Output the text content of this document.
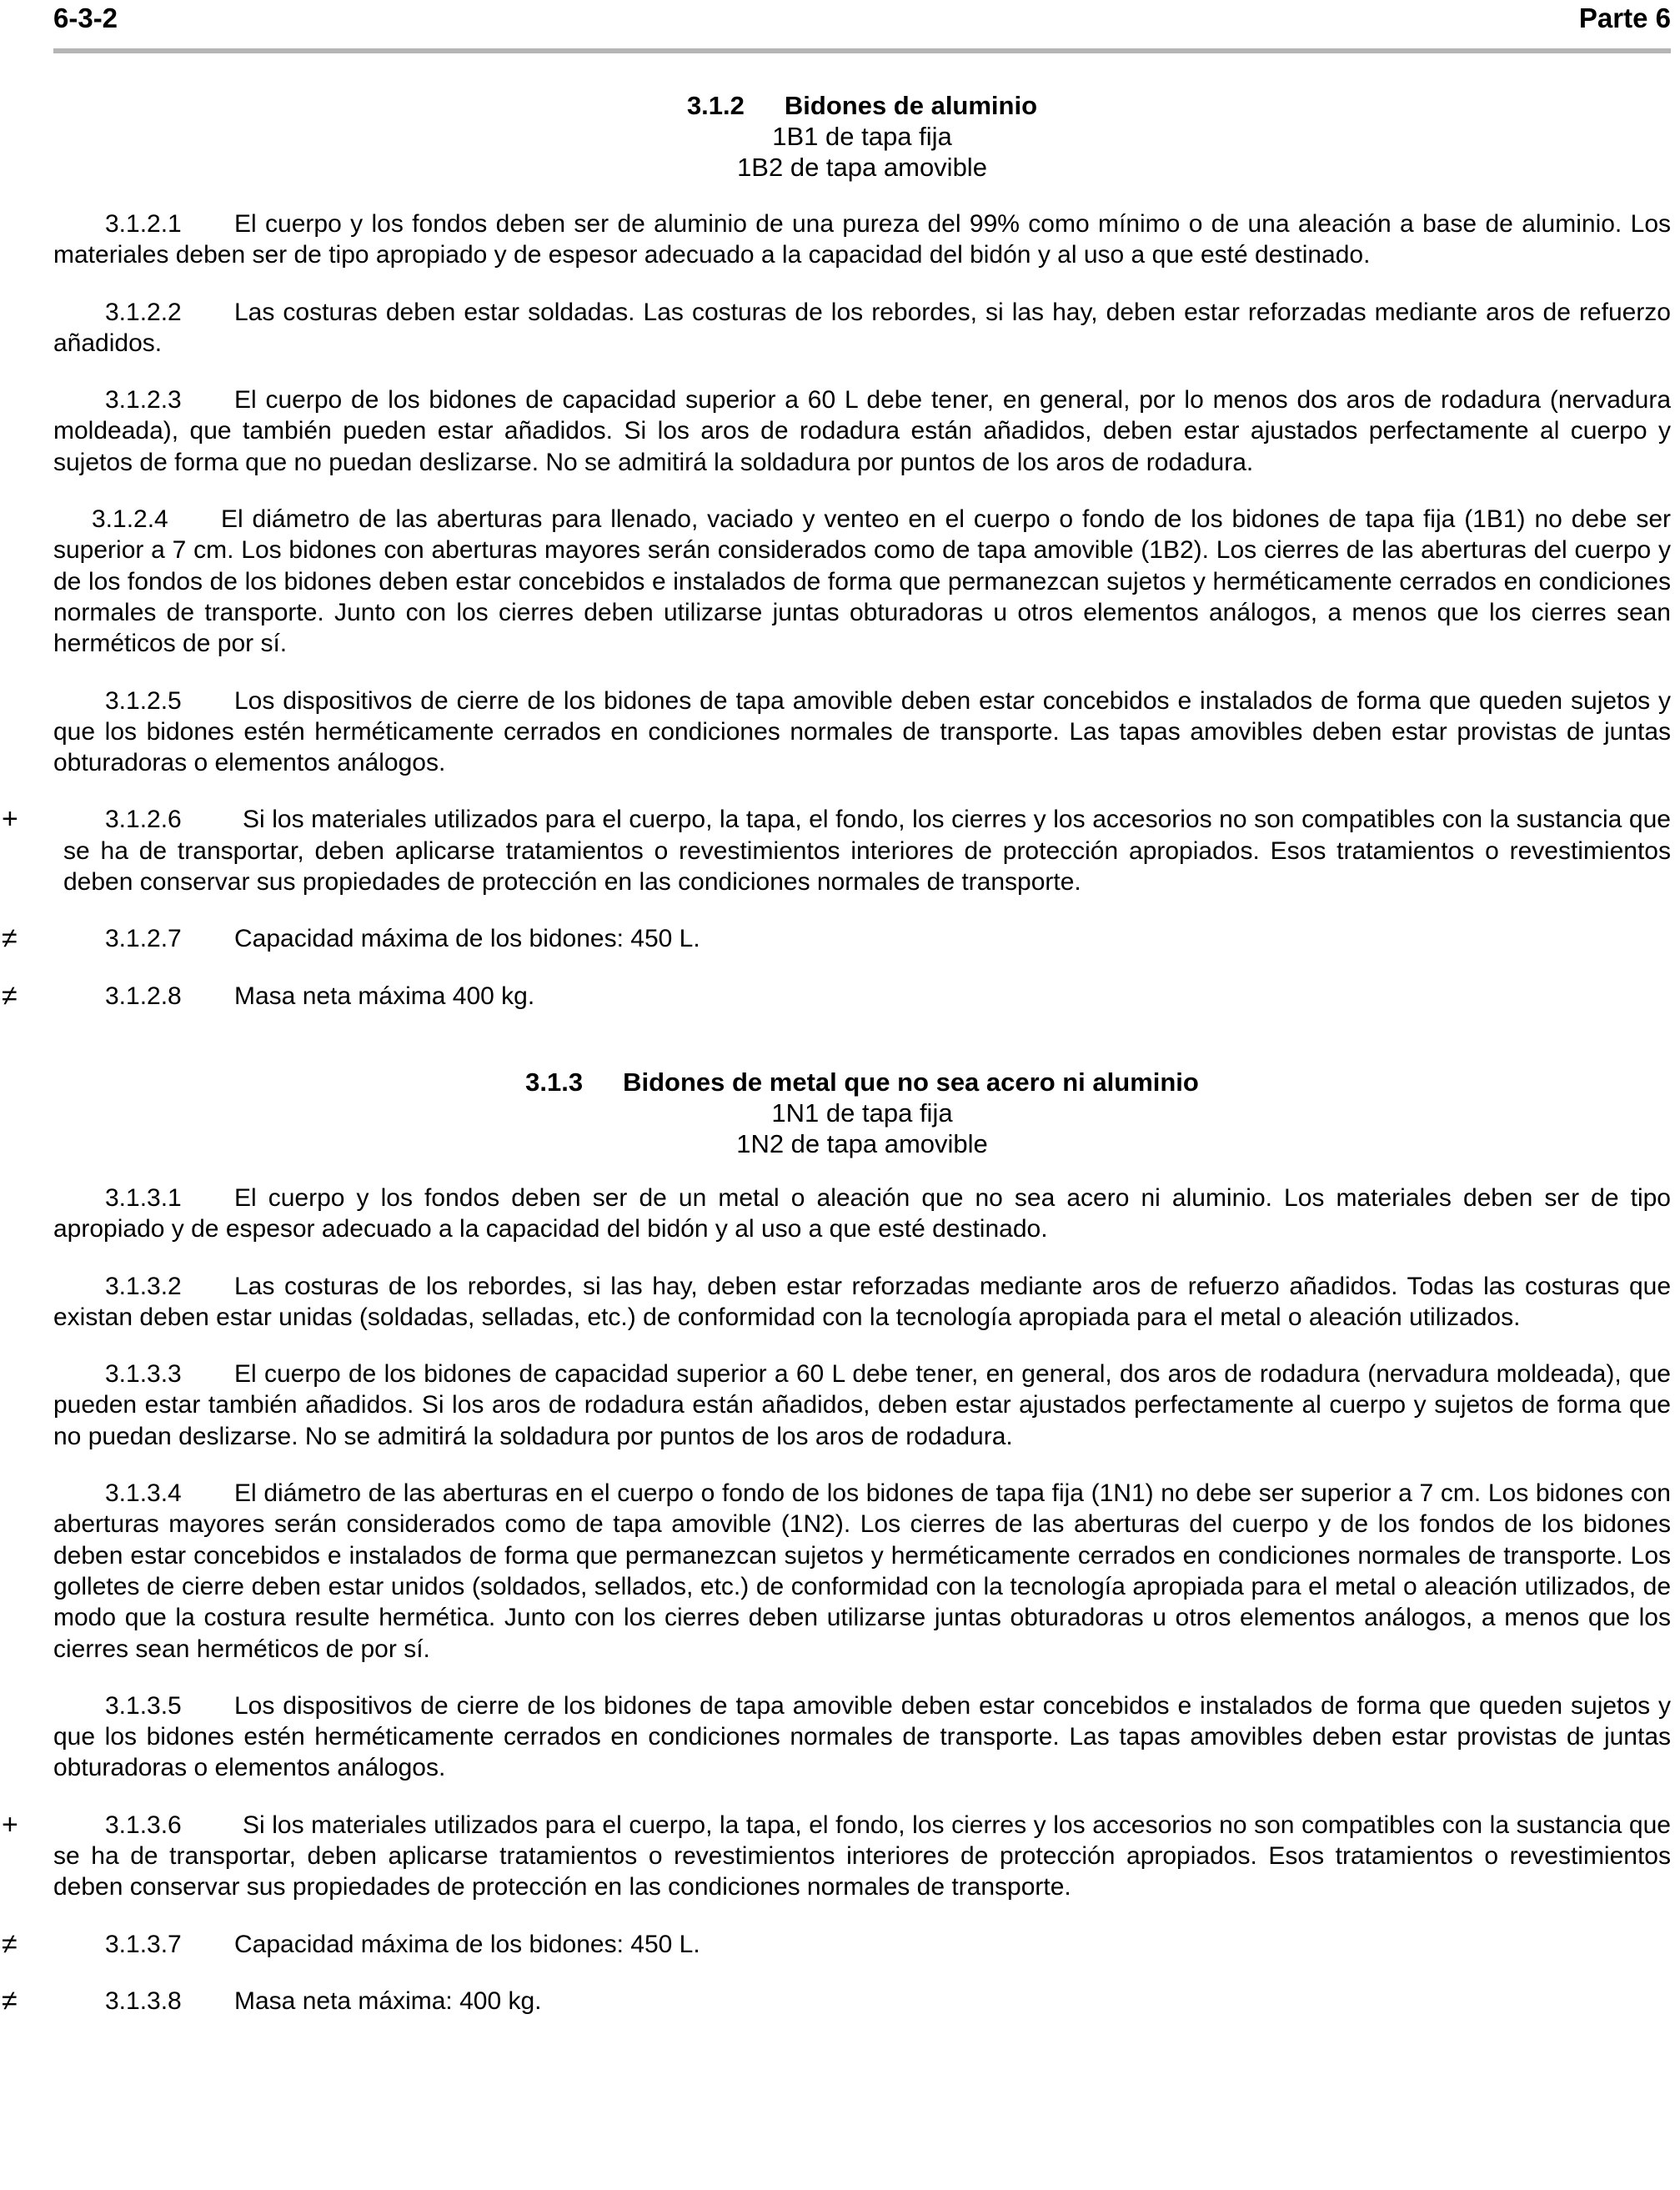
6-3-2	Parte 6
3.1.2 Bidones de aluminio
1B1 de tapa fija
1B2 de tapa amovible

3.1.2.1 El cuerpo y los fondos deben ser de aluminio de una pureza del 99% como mínimo o de una aleación a base de aluminio. Los materiales deben ser de tipo apropiado y de espesor adecuado a la capacidad del bidón y al uso a que esté destinado.

3.1.2.2 Las costuras deben estar soldadas. Las costuras de los rebordes, si las hay, deben estar reforzadas mediante aros de refuerzo añadidos.

3.1.2.3 El cuerpo de los bidones de capacidad superior a 60 L debe tener, en general, por lo menos dos aros de rodadura (nervadura moldeada), que también pueden estar añadidos. Si los aros de rodadura están añadidos, deben estar ajustados perfectamente al cuerpo y sujetos de forma que no puedan deslizarse. No se admitirá la soldadura por puntos de los aros de rodadura.

3.1.2.4 El diámetro de las aberturas para llenado, vaciado y venteo en el cuerpo o fondo de los bidones de tapa fija (1B1) no debe ser superior a 7 cm. Los bidones con aberturas mayores serán considerados como de tapa amovible (1B2). Los cierres de las aberturas del cuerpo y de los fondos de los bidones deben estar concebidos e instalados de forma que permanezcan sujetos y herméticamente cerrados en condiciones normales de transporte. Junto con los cierres deben utilizarse juntas obturadoras u otros elementos análogos, a menos que los cierres sean herméticos de por sí.

3.1.2.5 Los dispositivos de cierre de los bidones de tapa amovible deben estar concebidos e instalados de forma que queden sujetos y que los bidones estén herméticamente cerrados en condiciones normales de transporte. Las tapas amovibles deben estar provistas de juntas obturadoras o elementos análogos.

+	3.1.2.6 Si los materiales utilizados para el cuerpo, la tapa, el fondo, los cierres y los accesorios no son compatibles con la sustancia que se ha de transportar, deben aplicarse tratamientos o revestimientos interiores de protección apropiados. Esos tratamientos o revestimientos deben conservar sus propiedades de protección en las condiciones normales de transporte.

≠	3.1.2.7 Capacidad máxima de los bidones: 450 L.

≠	3.1.2.8 Masa neta máxima 400 kg.

3.1.3 Bidones de metal que no sea acero ni aluminio
1N1 de tapa fija
1N2 de tapa amovible

3.1.3.1 El cuerpo y los fondos deben ser de un metal o aleación que no sea acero ni aluminio. Los materiales deben ser de tipo apropiado y de espesor adecuado a la capacidad del bidón y al uso a que esté destinado.

3.1.3.2 Las costuras de los rebordes, si las hay, deben estar reforzadas mediante aros de refuerzo añadidos. Todas las costuras que existan deben estar unidas (soldadas, selladas, etc.) de conformidad con la tecnología apropiada para el metal o aleación utilizados.

3.1.3.3 El cuerpo de los bidones de capacidad superior a 60 L debe tener, en general, dos aros de rodadura (nervadura moldeada), que pueden estar también añadidos. Si los aros de rodadura están añadidos, deben estar ajustados perfectamente al cuerpo y sujetos de forma que no puedan deslizarse. No se admitirá la soldadura por puntos de los aros de rodadura.

3.1.3.4 El diámetro de las aberturas en el cuerpo o fondo de los bidones de tapa fija (1N1) no debe ser superior a 7 cm. Los bidones con aberturas mayores serán considerados como de tapa amovible (1N2). Los cierres de las aberturas del cuerpo y de los fondos de los bidones deben estar concebidos e instalados de forma que permanezcan sujetos y herméticamente cerrados en condiciones normales de transporte. Los golletes de cierre deben estar unidos (soldados, sellados, etc.) de conformidad con la tecnología apropiada para el metal o aleación utilizados, de modo que la costura resulte hermética. Junto con los cierres deben utilizarse juntas obturadoras u otros elementos análogos, a menos que los cierres sean herméticos de por sí.

3.1.3.5 Los dispositivos de cierre de los bidones de tapa amovible deben estar concebidos e instalados de forma que queden sujetos y que los bidones estén herméticamente cerrados en condiciones normales de transporte. Las tapas amovibles deben estar provistas de juntas obturadoras o elementos análogos.

+	3.1.3.6 Si los materiales utilizados para el cuerpo, la tapa, el fondo, los cierres y los accesorios no son compatibles con la sustancia que se ha de transportar, deben aplicarse tratamientos o revestimientos interiores de protección apropiados. Esos tratamientos o revestimientos deben conservar sus propiedades de protección en las condiciones normales de transporte.

≠	3.1.3.7 Capacidad máxima de los bidones: 450 L.

≠	3.1.3.8 Masa neta máxima: 400 kg.
